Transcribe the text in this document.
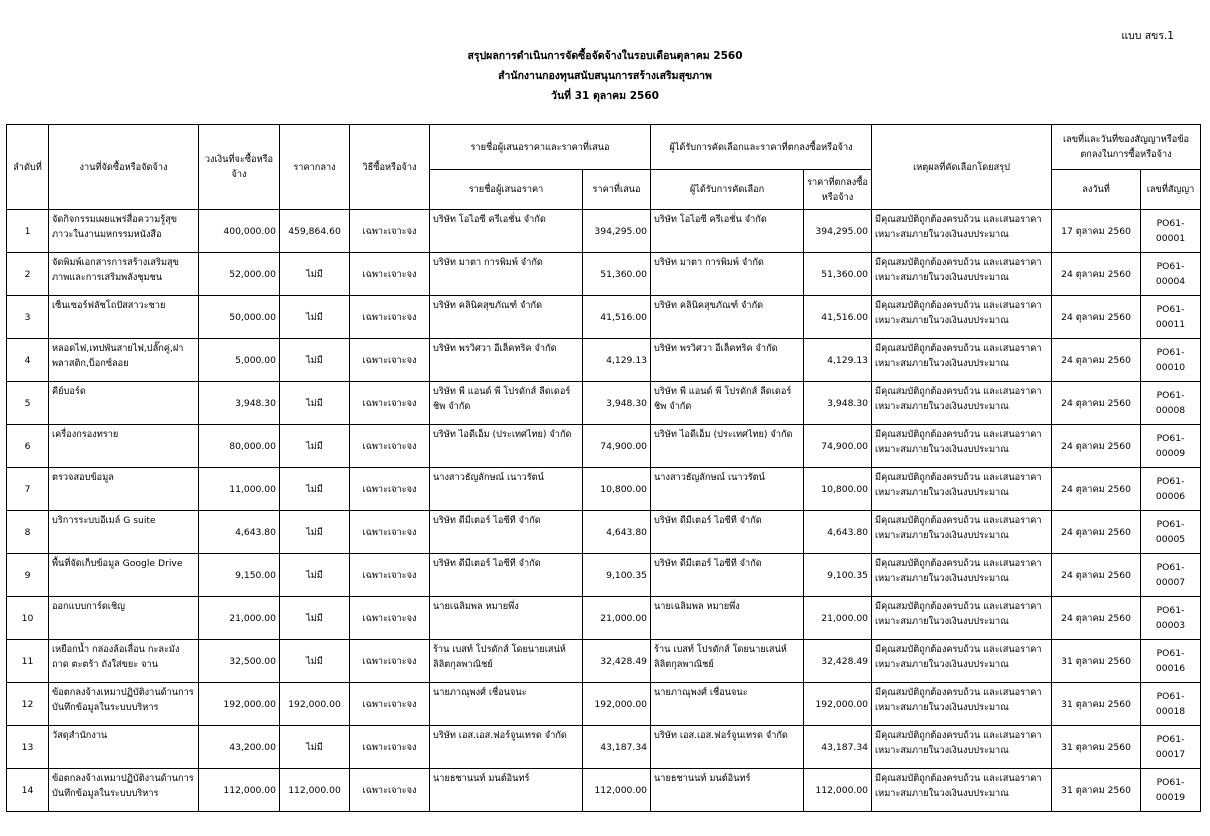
แบบ สขร.1
สรุปผลการดำเนินการจัดซื้อจัดจ้างในรอบเดือนตุลาคม 2560
สำนักงานกองทุนสนับสนุนการสร้างเสริมสุขภาพ
วันที่ 31 ตุลาคม 2560
ลำดับที่	งานที่จัดซื้อหรือจัดจ้าง	วงเงินที่จะซื้อหรือจ้าง	ราคากลาง	วิธีซื้อหรือจ้าง	รายชื่อผู้เสนอราคาและราคาที่เสนอ		ผู้ได้รับการคัดเลือกและราคาที่ตกลงซื้อหรือจ้าง		เหตุผลที่คัดเลือกโดยสรุป	เลขที่และวันที่ของสัญญาหรือข้อตกลงในการซื้อหรือจ้าง	
					รายชื่อผู้เสนอราคา	ราคาที่เสนอ	ผู้ได้รับการคัดเลือก	ราคาที่ตกลงซื้อหรือจ้าง		ลงวันที่	เลขที่สัญญา
1	จัดกิจกรรมเผยแพร่สื่อความรู้สุขภาวะในงานมหกรรมหนังสือ	400,000.00	459,864.60	เฉพาะเจาะจง	บริษัท โอไอซี ครีเอชั่น จำกัด	394,295.00	บริษัท โอไอซี ครีเอชั่น จำกัด	394,295.00	มีคุณสมบัติถูกต้องครบถ้วน และเสนอราคาเหมาะสมภายในวงเงินงบประมาณ	17 ตุลาคม 2560	PO61-00001
2	จัดพิมพ์เอกสารการสร้างเสริมสุขภาพและการเสริมพลังชุมชน	52,000.00	ไม่มี	เฉพาะเจาะจง	บริษัท มาตา การพิมพ์ จำกัด	51,360.00	บริษัท มาตา การพิมพ์ จำกัด	51,360.00	มีคุณสมบัติถูกต้องครบถ้วน และเสนอราคาเหมาะสมภายในวงเงินงบประมาณ	24 ตุลาคม 2560	PO61-00004
3	เซ็นเซอร์ฟลัชโถปัสสาวะชาย	50,000.00	ไม่มี	เฉพาะเจาะจง	บริษัท คลินิคสุขภัณฑ์ จำกัด	41,516.00	บริษัท คลินิคสุขภัณฑ์ จำกัด	41,516.00	มีคุณสมบัติถูกต้องครบถ้วน และเสนอราคาเหมาะสมภายในวงเงินงบประมาณ	24 ตุลาคม 2560	PO61-00011
4	หลอดไฟ,เทปพันสายไฟ,ปลั๊กคู่,ฝาพลาสติก,บ็อกซ์ลอย	5,000.00	ไม่มี	เฉพาะเจาะจง	บริษัท พรวิศวา อีเล็คทริค จำกัด	4,129.13	บริษัท พรวิศวา อีเล็คทริค จำกัด	4,129.13	มีคุณสมบัติถูกต้องครบถ้วน และเสนอราคาเหมาะสมภายในวงเงินงบประมาณ	24 ตุลาคม 2560	PO61-00010
5	คีย์บอร์ด	3,948.30	ไม่มี	เฉพาะเจาะจง	บริษัท พี แอนด์ พี โปรดักส์ ลีดเดอร์ชิพ จำกัด	3,948.30	บริษัท พี แอนด์ พี โปรดักส์ ลีดเดอร์ชิพ จำกัด	3,948.30	มีคุณสมบัติถูกต้องครบถ้วน และเสนอราคาเหมาะสมภายในวงเงินงบประมาณ	24 ตุลาคม 2560	PO61-00008
6	เครื่องกรองทราย	80,000.00	ไม่มี	เฉพาะเจาะจง	บริษัท ไอดีเอ็ม (ประเทศไทย) จำกัด	74,900.00	บริษัท ไอดีเอ็ม (ประเทศไทย) จำกัด	74,900.00	มีคุณสมบัติถูกต้องครบถ้วน และเสนอราคาเหมาะสมภายในวงเงินงบประมาณ	24 ตุลาคม 2560	PO61-00009
7	ตรวจสอบข้อมูล	11,000.00	ไม่มี	เฉพาะเจาะจง	นางสาวธัญลักษณ์ เนาวรัตน์	10,800.00	นางสาวธัญลักษณ์ เนาวรัตน์	10,800.00	มีคุณสมบัติถูกต้องครบถ้วน และเสนอราคาเหมาะสมภายในวงเงินงบประมาณ	24 ตุลาคม 2560	PO61-00006
8	บริการระบบอีเมล์ G suite	4,643.80	ไม่มี	เฉพาะเจาะจง	บริษัท ดีมีเตอร์ ไอซีที จำกัด	4,643.80	บริษัท ดีมีเตอร์ ไอซีที จำกัด	4,643.80	มีคุณสมบัติถูกต้องครบถ้วน และเสนอราคาเหมาะสมภายในวงเงินงบประมาณ	24 ตุลาคม 2560	PO61-00005
9	พื้นที่จัดเก็บข้อมูล Google Drive	9,150.00	ไม่มี	เฉพาะเจาะจง	บริษัท ดีมีเตอร์ ไอซีที จำกัด	9,100.35	บริษัท ดีมีเตอร์ ไอซีที จำกัด	9,100.35	มีคุณสมบัติถูกต้องครบถ้วน และเสนอราคาเหมาะสมภายในวงเงินงบประมาณ	24 ตุลาคม 2560	PO61-00007
10	ออกแบบการ์ดเชิญ	21,000.00	ไม่มี	เฉพาะเจาะจง	นายเฉลิมพล หมายพึ่ง	21,000.00	นายเฉลิมพล หมายพึ่ง	21,000.00	มีคุณสมบัติถูกต้องครบถ้วน และเสนอราคาเหมาะสมภายในวงเงินงบประมาณ	24 ตุลาคม 2560	PO61-00003
11	เหยือกน้ำ กล่องล้อเลื่อน กะละมัง ถาด ตะตร้า ถังใส่ขยะ จาน	32,500.00	ไม่มี	เฉพาะเจาะจง	ร้าน เบสท์ โปรดักส์ โดยนายเสน่ห์ ลิลิตกุลพาณิชย์	32,428.49	ร้าน เบสท์ โปรดักส์ โดยนายเสน่ห์ ลิลิตกุลพาณิชย์	32,428.49	มีคุณสมบัติถูกต้องครบถ้วน และเสนอราคาเหมาะสมภายในวงเงินงบประมาณ	31 ตุลาคม 2560	PO61-00016
12	ข้อตกลงจ้างเหมาปฏิบัติงานด้านการบันทึกข้อมูลในระบบบริหาร	192,000.00	192,000.00	เฉพาะเจาะจง	นายภาณุพงศ์ เชื่อนจนะ	192,000.00	นายภาณุพงศ์ เชื่อนจนะ	192,000.00	มีคุณสมบัติถูกต้องครบถ้วน และเสนอราคาเหมาะสมภายในวงเงินงบประมาณ	31 ตุลาคม 2560	PO61-00018
13	วัสดุสำนักงาน	43,200.00	ไม่มี	เฉพาะเจาะจง	บริษัท เอส.เอส.ฟอร์จูนเทรด จำกัด	43,187.34	บริษัท เอส.เอส.ฟอร์จูนเทรด จำกัด	43,187.34	มีคุณสมบัติถูกต้องครบถ้วน และเสนอราคาเหมาะสมภายในวงเงินงบประมาณ	31 ตุลาคม 2560	PO61-00017
14	ข้อตกลงจ้างเหมาปฏิบัติงานด้านการบันทึกข้อมูลในระบบบริหาร	112,000.00	112,000.00	เฉพาะเจาะจง	นายธชานนท์ มนต์อินทร์	112,000.00	นายธชานนท์ มนต์อินทร์	112,000.00	มีคุณสมบัติถูกต้องครบถ้วน และเสนอราคาเหมาะสมภายในวงเงินงบประมาณ	31 ตุลาคม 2560	PO61-00019
